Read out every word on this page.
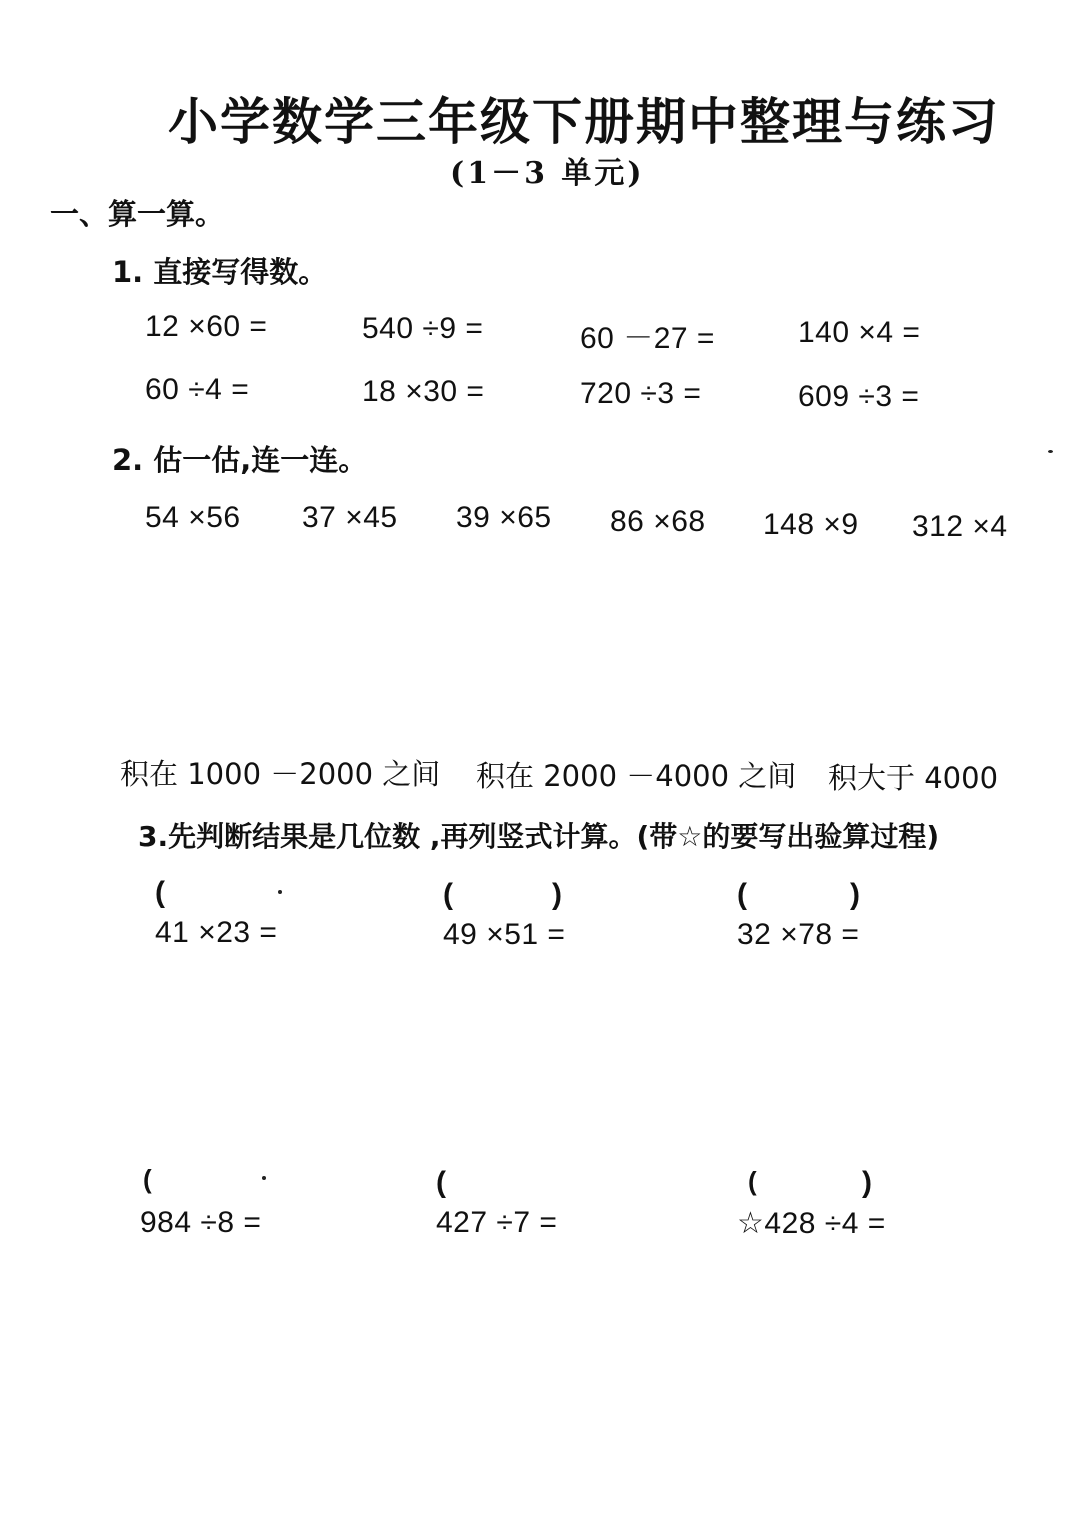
小学数学三年级下册期中整理与练习
(1－3 单元)
一、算一算。
1. 直接写得数。
12 ×60 =	540 ÷9 =	60 －27 =	140 ×4 =
60 ÷4 =	18 ×30 =	720 ÷3 =	609 ÷3 =
2. 估一估,连一连。
54 ×56 37 ×45 39 ×65 86 ×68 148 ×9 312 ×4
积在 1000 －2000 之间 积在 2000 －4000 之间 积大于 4000
3.先判断结果是几位数 ,再列竖式计算。(带☆的要写出验算过程)
(	(	)	(	)
41 ×23 =	49 ×51 =	32 ×78 =
(	(	(	)
984 ÷8 =	427 ÷7 =	☆428 ÷4 =
